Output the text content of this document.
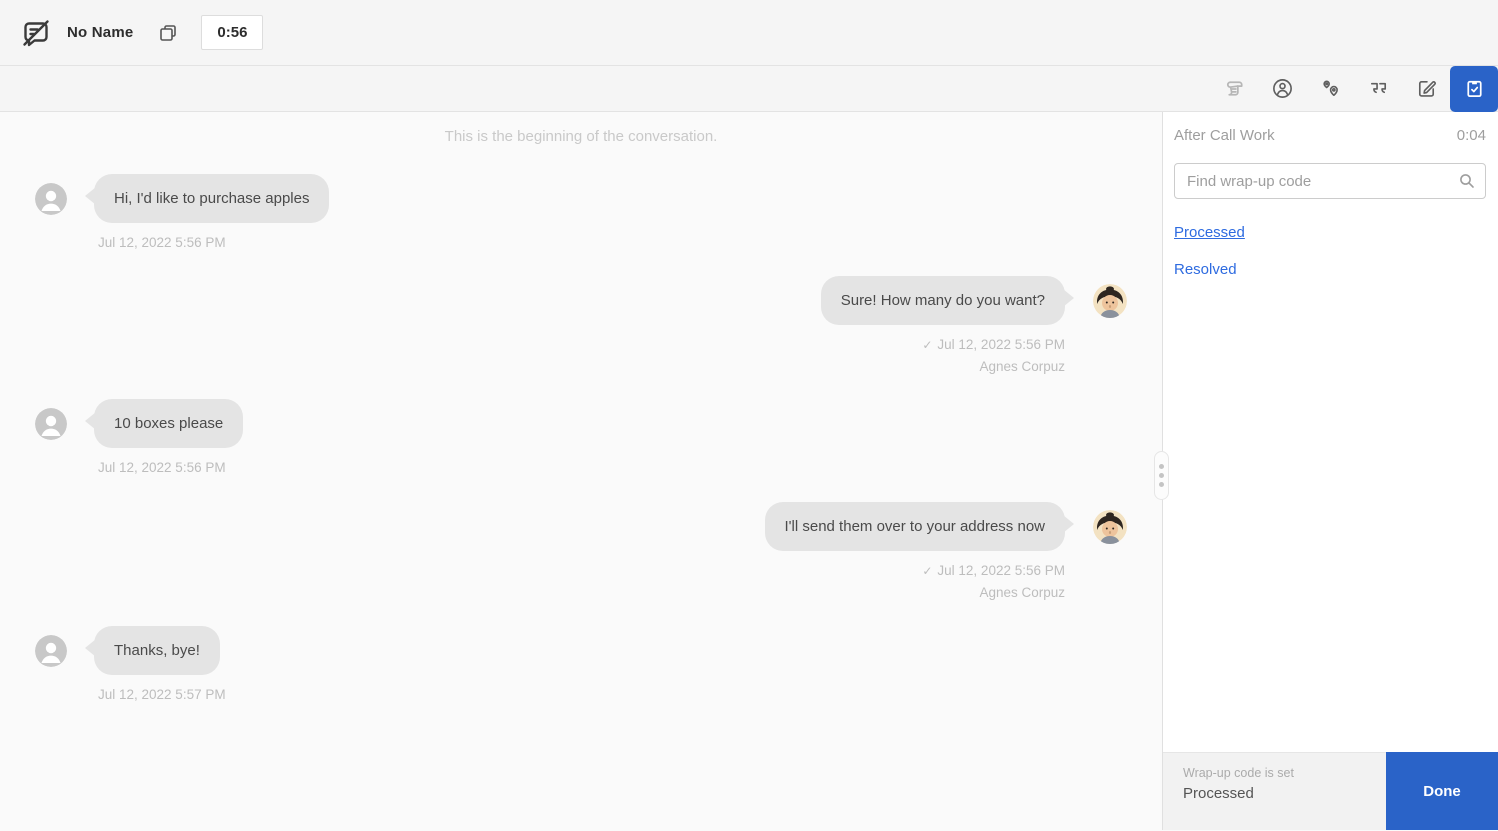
No Name	0:56
This is the beginning of the conversation.
Hi, I'd like to purchase apples
Jul 12, 2022 5:56 PM
Sure! How many do you want?
✓ Jul 12, 2022 5:56 PM
Agnes Corpuz
10 boxes please
Jul 12, 2022 5:56 PM
I'll send them over to your address now
✓ Jul 12, 2022 5:56 PM
Agnes Corpuz
Thanks, bye!
Jul 12, 2022 5:57 PM
After Call Work	0:04
Find wrap-up code
Processed
Resolved
Wrap-up code is set
Processed	Done
